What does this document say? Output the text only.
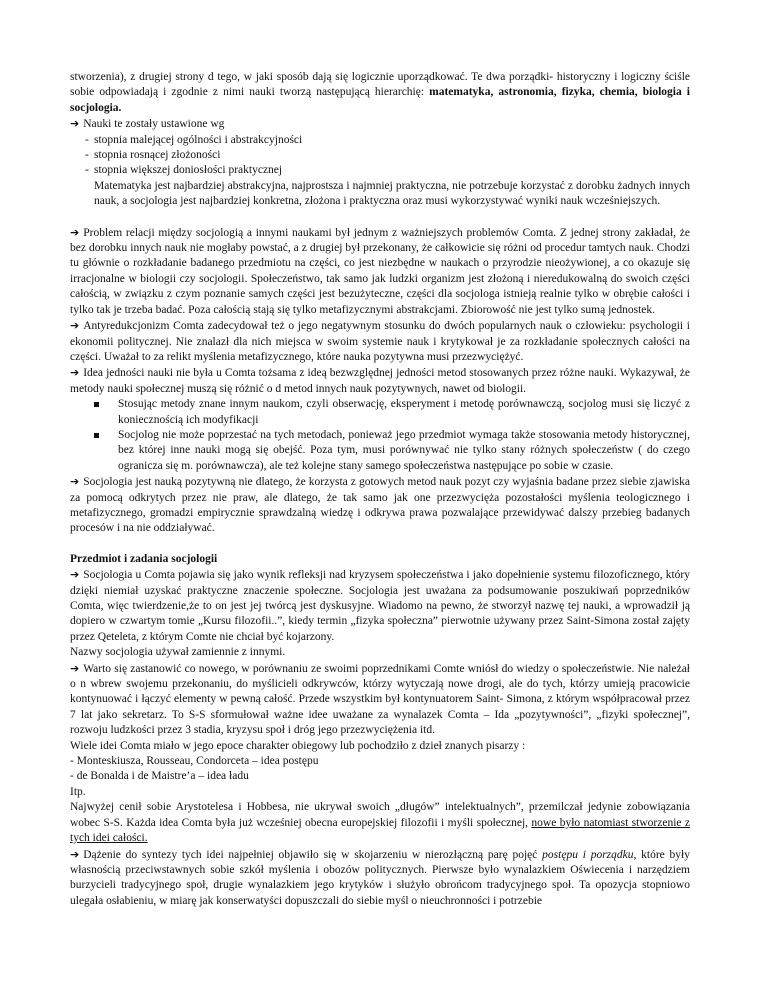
stworzenia), z drugiej strony d tego, w jaki sposób dają się logicznie uporządkować. Te dwa porządki- historyczny i logiczny ściśle sobie odpowiadają i zgodnie z nimi nauki tworzą następującą hierarchię: matematyka, astronomia, fizyka, chemia, biologia i socjologia.

➔ Nauki te zostały ustawione wg

- stopnia malejącej ogólności i abstrakcyjności
- stopnia rosnącej złożoności
- stopnia większej doniosłości praktycznej

Matematyka jest najbardziej abstrakcyjna, najprostsza i najmniej praktyczna, nie potrzebuje korzystać z dorobku żadnych innych nauk, a socjologia jest najbardziej konkretna, złożona i praktyczna oraz musi wykorzystywać wyniki nauk wcześniejszych.

➔ Problem relacji między socjologią a innymi naukami był jednym z ważniejszych problemów Comta. Z jednej strony zakładał, że bez dorobku innych nauk nie mogłaby powstać, a z drugiej był przekonany, że całkowicie się różni od procedur tamtych nauk. Chodzi tu głównie o rozkładanie badanego przedmiotu na części, co jest niezbędne w naukach o przyrodzie nieożywionej, a co okazuje się irracjonalne w biologii czy socjologii. Społeczeństwo, tak samo jak ludzki organizm jest złożoną i nieredukowalną do swoich części całością, w związku z czym poznanie samych części jest bezużyteczne, części dla socjologa istnieją realnie tylko w obrębie całości i tylko tak je trzeba badać. Poza całością stają się tylko metafizycznymi abstrakcjami. Zbiorowość nie jest tylko sumą jednostek.

➔ Antyredukcjonizm Comta zadecydował też o jego negatywnym stosunku do dwóch popularnych nauk o człowieku: psychologii i ekonomii politycznej. Nie znalazł dla nich miejsca w swoim systemie nauk i krytykował je za rozkładanie społecznych całości na części. Uważał to za relikt myślenia metafizycznego, które nauka pozytywna musi przezwyciężyć.

➔ Idea jedności nauki nie była u Comta tożsama z ideą bezwzględnej jedności metod stosowanych przez różne nauki. Wykazywał, że metody nauki społecznej muszą się różnić o d metod innych nauk pozytywnych, nawet od biologii.

Stosując metody znane innym naukom, czyli obserwację, eksperyment i metodę porównawczą, socjolog musi się liczyć z koniecznością ich modyfikacji
Socjolog nie może poprzestać na tych metodach, ponieważ jego przedmiot wymaga także stosowania metody historycznej, bez której inne nauki mogą się obejść. Poza tym, musi porównywać nie tylko stany różnych społeczeństw ( do czego ogranicza się m. porównawcza), ale też kolejne stany samego społeczeństwa następujące po sobie w czasie.

➔ Socjologia jest nauką pozytywną nie dlatego, że korzysta z gotowych metod nauk pozyt czy wyjaśnia badane przez siebie zjawiska za pomocą odkrytych przez nie praw, ale dlatego, że tak samo jak one przezwycięża pozostałości myślenia teologicznego i metafizycznego, gromadzi empirycznie sprawdzalną wiedzę i odkrywa prawa pozwalające przewidywać dalszy przebieg badanych procesów i na nie oddziaływać.

Przedmiot i zadania socjologii

➔ Socjologia u Comta pojawia się jako wynik refleksji nad kryzysem społeczeństwa i jako dopełnienie systemu filozoficznego, który dzięki niemiał uzyskać praktyczne znaczenie społeczne. Socjologia jest uważana za podsumowanie poszukiwań poprzedników Comta, więc twierdzenie,że to on jest jej twórcą jest dyskusyjne. Wiadomo na pewno, że stworzył nazwę tej nauki, a wprowadził ją dopiero w czwartym tomie „Kursu filozofii..”, kiedy termin „fizyka społeczna” pierwotnie używany przez Saint-Simona został zajęty przez Qeteleta, z którym Comte nie chciał być kojarzony.

Nazwy socjologia używał zamiennie z innymi.

➔ Warto się zastanowić co nowego, w porównaniu ze swoimi poprzednikami Comte wniósł do wiedzy o społeczeństwie. Nie należał o n wbrew swojemu przekonaniu, do myślicieli odkrywców, którzy wytyczają nowe drogi, ale do tych, którzy umieją pracowicie kontynuować i łączyć elementy w pewną całość. Przede wszystkim był kontynuatorem Saint- Simona, z którym współpracował przez 7 lat jako sekretarz. To S-S sformułował ważne idee uważane za wynalazek Comta – Ida „pozytywności”, „fizyki społecznej”, rozwoju ludzkości przez 3 stadia, kryzysu społ i dróg jego przezwyciężenia itd.

Wiele idei Comta miało w jego epoce charakter obiegowy lub pochodziło z dzieł znanych pisarzy :

- Monteskiusza, Rousseau, Condorceta – idea postępu

- de Bonalda i de Maistre’a – idea ładu

Itp.

Najwyżej cenił sobie Arystotelesa i Hobbesa, nie ukrywał swoich „długów” intelektualnych”, przemilczał jedynie zobowiązania wobec S-S. Każda idea Comta była już wcześniej obecna europejskiej filozofii i myśli społecznej, nowe było natomiast stworzenie z tych idei całości.

➔ Dążenie do syntezy tych idei najpełniej objawiło się w skojarzeniu w nierozłączną parę pojęć postępu i porządku, które były własnością przeciwstawnych sobie szkół myślenia i obozów politycznych. Pierwsze było wynalazkiem Oświecenia i narzędziem burzycieli tradycyjnego społ, drugie wynalazkiem jego krytyków i służyło obrońcom tradycyjnego społ. Ta opozycja stopniowo ulegała osłabieniu, w miarę jak konserwatyści dopuszczali do siebie myśl o nieuchronności i potrzebie
